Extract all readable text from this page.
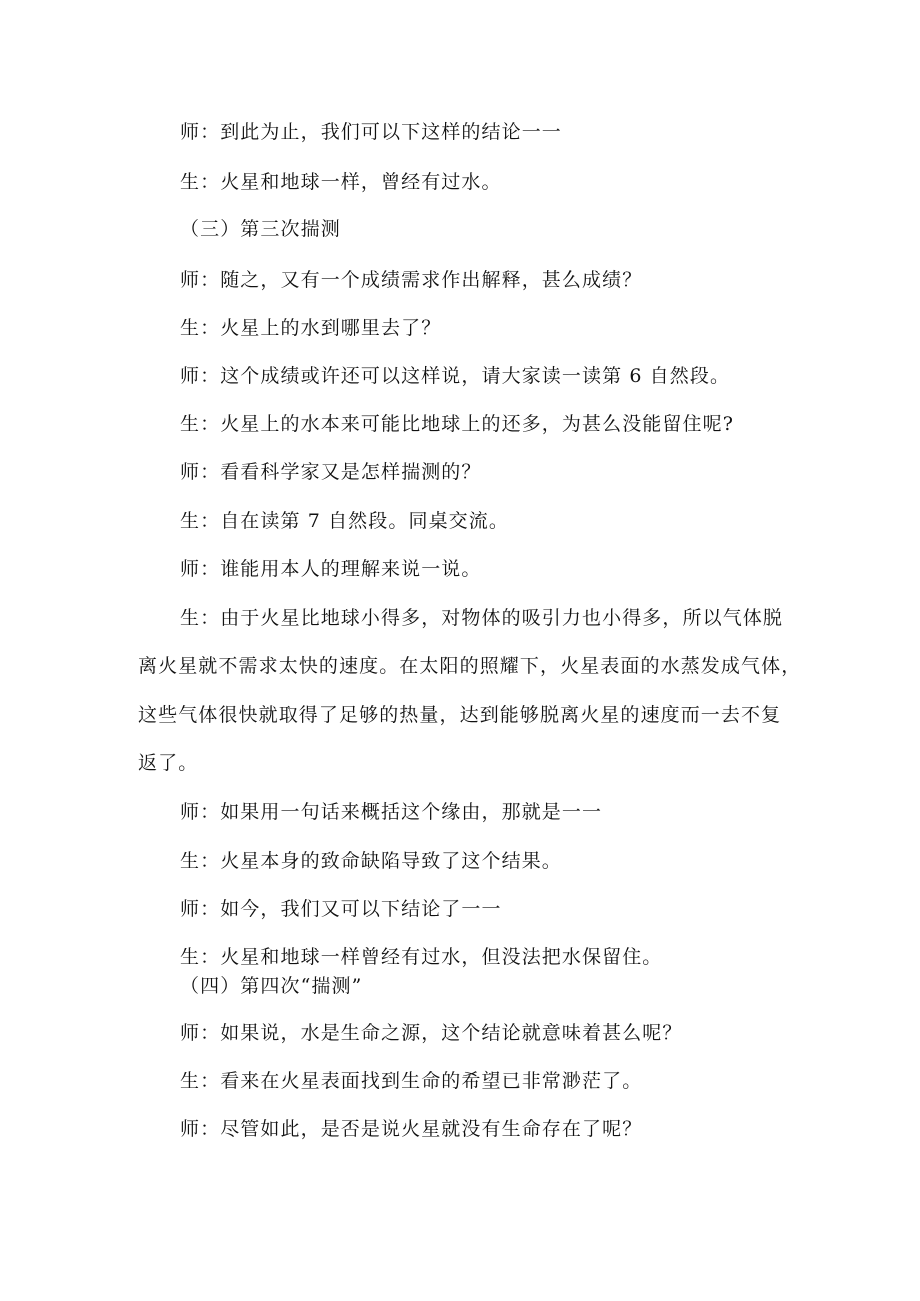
师：到此为止，我们可以下这样的结论一一
生：火星和地球一样，曾经有过水。
（三）第三次揣测
师：随之，又有一个成绩需求作出解释，甚么成绩？
生：火星上的水到哪里去了？
师：这个成绩或许还可以这样说，请大家读一读第 6 自然段。
生：火星上的水本来可能比地球上的还多，为甚么没能留住呢?
师：看看科学家又是怎样揣测的？
生：自在读第 7 自然段。同桌交流。
师：谁能用本人的理解来说一说。
生：由于火星比地球小得多，对物体的吸引力也小得多，所以气体脱
离火星就不需求太快的速度。在太阳的照耀下，火星表面的水蒸发成气体，
这些气体很快就取得了足够的热量，达到能够脱离火星的速度而一去不复
返了。
师：如果用一句话来概括这个缘由，那就是一一
生：火星本身的致命缺陷导致了这个结果。
师：如今，我们又可以下结论了一一
生：火星和地球一样曾经有过水，但没法把水保留住。
（四）第四次“揣测”
师：如果说，水是生命之源，这个结论就意味着甚么呢？
生：看来在火星表面找到生命的希望已非常渺茫了。
师：尽管如此，是否是说火星就没有生命存在了呢？
